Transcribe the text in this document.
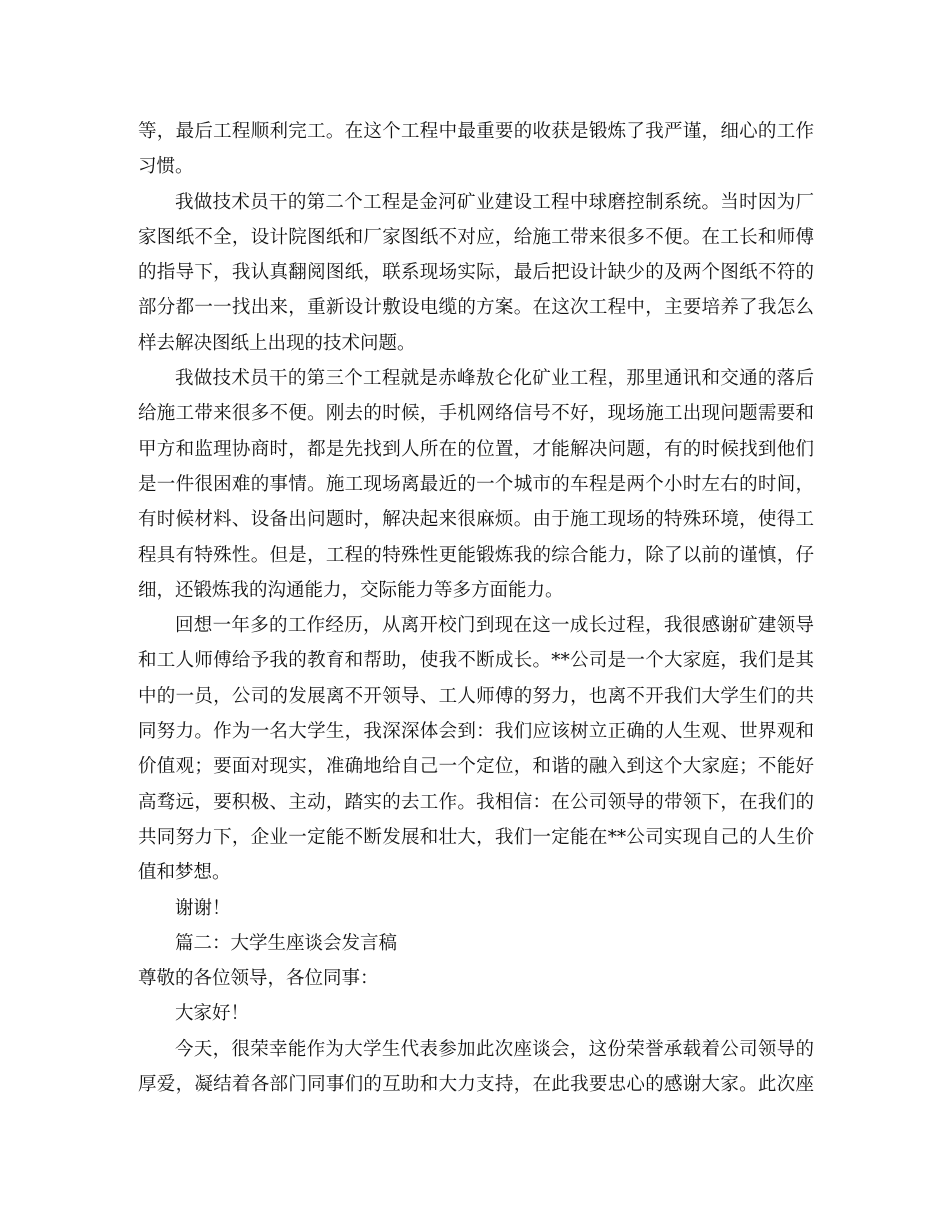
等，最后工程顺利完工。在这个工程中最重要的收获是锻炼了我严谨，细心的工作
习惯。
我做技术员干的第二个工程是金河矿业建设工程中球磨控制系统。当时因为厂
家图纸不全，设计院图纸和厂家图纸不对应，给施工带来很多不便。在工长和师傅
的指导下，我认真翻阅图纸，联系现场实际，最后把设计缺少的及两个图纸不符的
部分都一一找出来，重新设计敷设电缆的方案。在这次工程中，主要培养了我怎么
样去解决图纸上出现的技术问题。
我做技术员干的第三个工程就是赤峰敖仑化矿业工程，那里通讯和交通的落后
给施工带来很多不便。刚去的时候，手机网络信号不好，现场施工出现问题需要和
甲方和监理协商时，都是先找到人所在的位置，才能解决问题，有的时候找到他们
是一件很困难的事情。施工现场离最近的一个城市的车程是两个小时左右的时间，
有时候材料、设备出问题时，解决起来很麻烦。由于施工现场的特殊环境，使得工
程具有特殊性。但是，工程的特殊性更能锻炼我的综合能力，除了以前的谨慎，仔
细，还锻炼我的沟通能力，交际能力等多方面能力。
回想一年多的工作经历，从离开校门到现在这一成长过程，我很感谢矿建领导
和工人师傅给予我的教育和帮助，使我不断成长。**公司是一个大家庭，我们是其
中的一员，公司的发展离不开领导、工人师傅的努力，也离不开我们大学生们的共
同努力。作为一名大学生，我深深体会到：我们应该树立正确的人生观、世界观和
价值观；要面对现实，准确地给自己一个定位，和谐的融入到这个大家庭；不能好
高骛远，要积极、主动，踏实的去工作。我相信：在公司领导的带领下，在我们的
共同努力下，企业一定能不断发展和壮大，我们一定能在**公司实现自己的人生价
值和梦想。
谢谢！
篇二：大学生座谈会发言稿
尊敬的各位领导，各位同事：
大家好！
今天，很荣幸能作为大学生代表参加此次座谈会，这份荣誉承载着公司领导的
厚爱，凝结着各部门同事们的互助和大力支持，在此我要忠心的感谢大家。此次座
